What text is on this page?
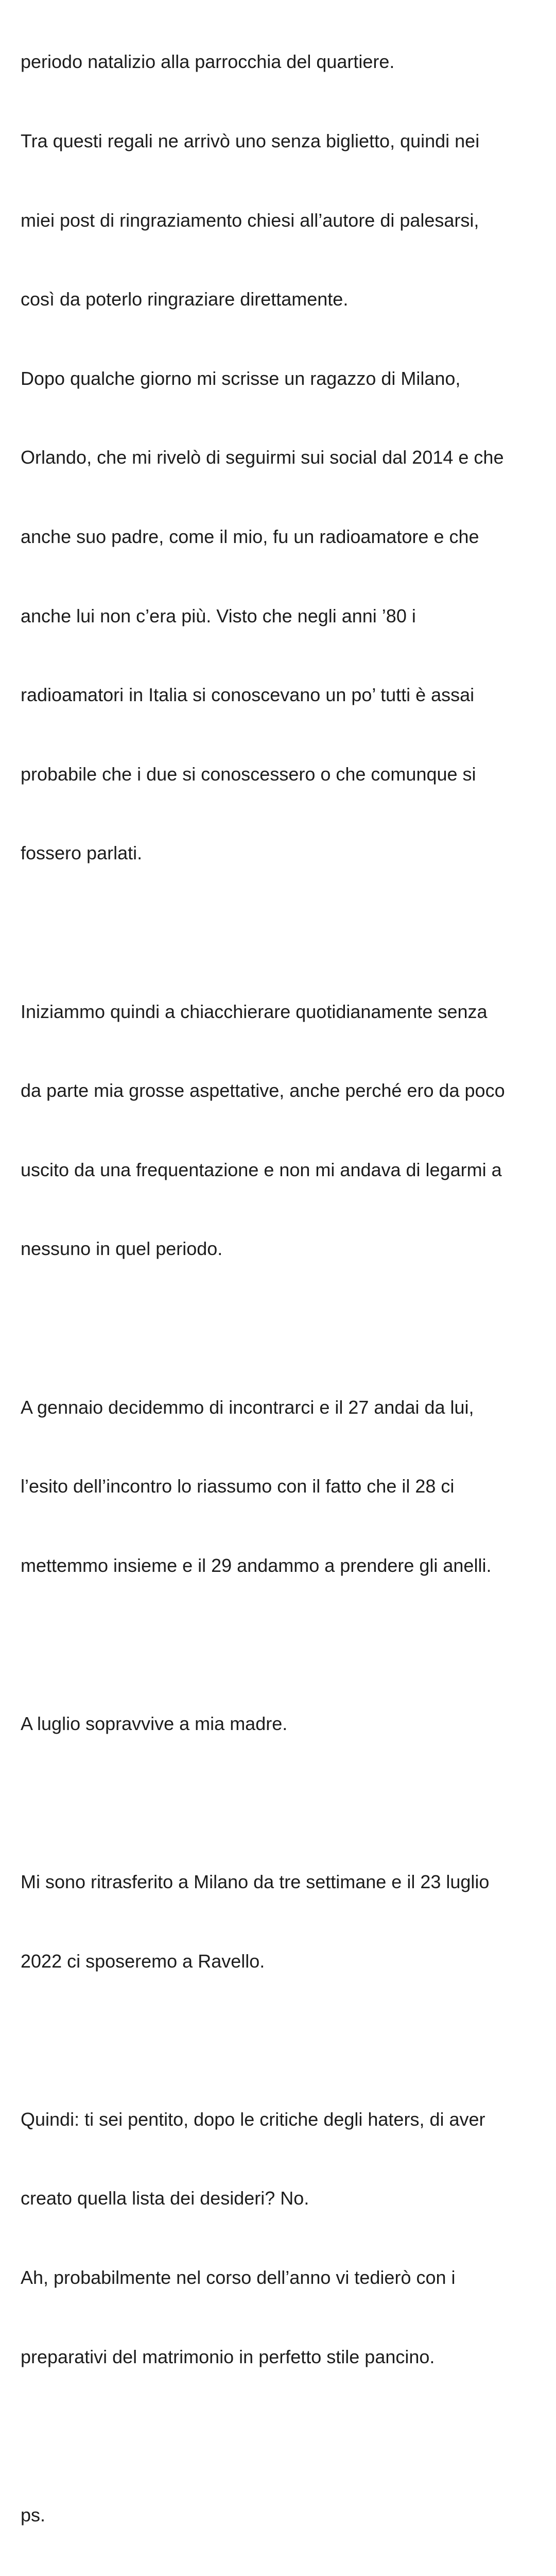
periodo natalizio alla parrocchia del quartiere.

Tra questi regali ne arrivò uno senza biglietto, quindi nei

miei post di ringraziamento chiesi all’autore di palesarsi,

così da poterlo ringraziare direttamente.

Dopo qualche giorno mi scrisse un ragazzo di Milano,

Orlando, che mi rivelò di seguirmi sui social dal 2014 e che

anche suo padre, come il mio, fu un radioamatore e che

anche lui non c’era più. Visto che negli anni ’80 i

radioamatori in Italia si conoscevano un po’ tutti è assai

probabile che i due si conoscessero o che comunque si

fossero parlati.

Iniziammo quindi a chiacchierare quotidianamente senza

da parte mia grosse aspettative, anche perché ero da poco

uscito da una frequentazione e non mi andava di legarmi a

nessuno in quel periodo.

A gennaio decidemmo di incontrarci e il 27 andai da lui,

l’esito dell’incontro lo riassumo con il fatto che il 28 ci

mettemmo insieme e il 29 andammo a prendere gli anelli.

A luglio sopravvive a mia madre.

Mi sono ritrasferito a Milano da tre settimane e il 23 luglio

2022 ci sposeremo a Ravello.

Quindi: ti sei pentito, dopo le critiche degli haters, di aver

creato quella lista dei desideri? No.

Ah, probabilmente nel corso dell’anno vi tedierò con i

preparativi del matrimonio in perfetto stile pancino.

ps.
